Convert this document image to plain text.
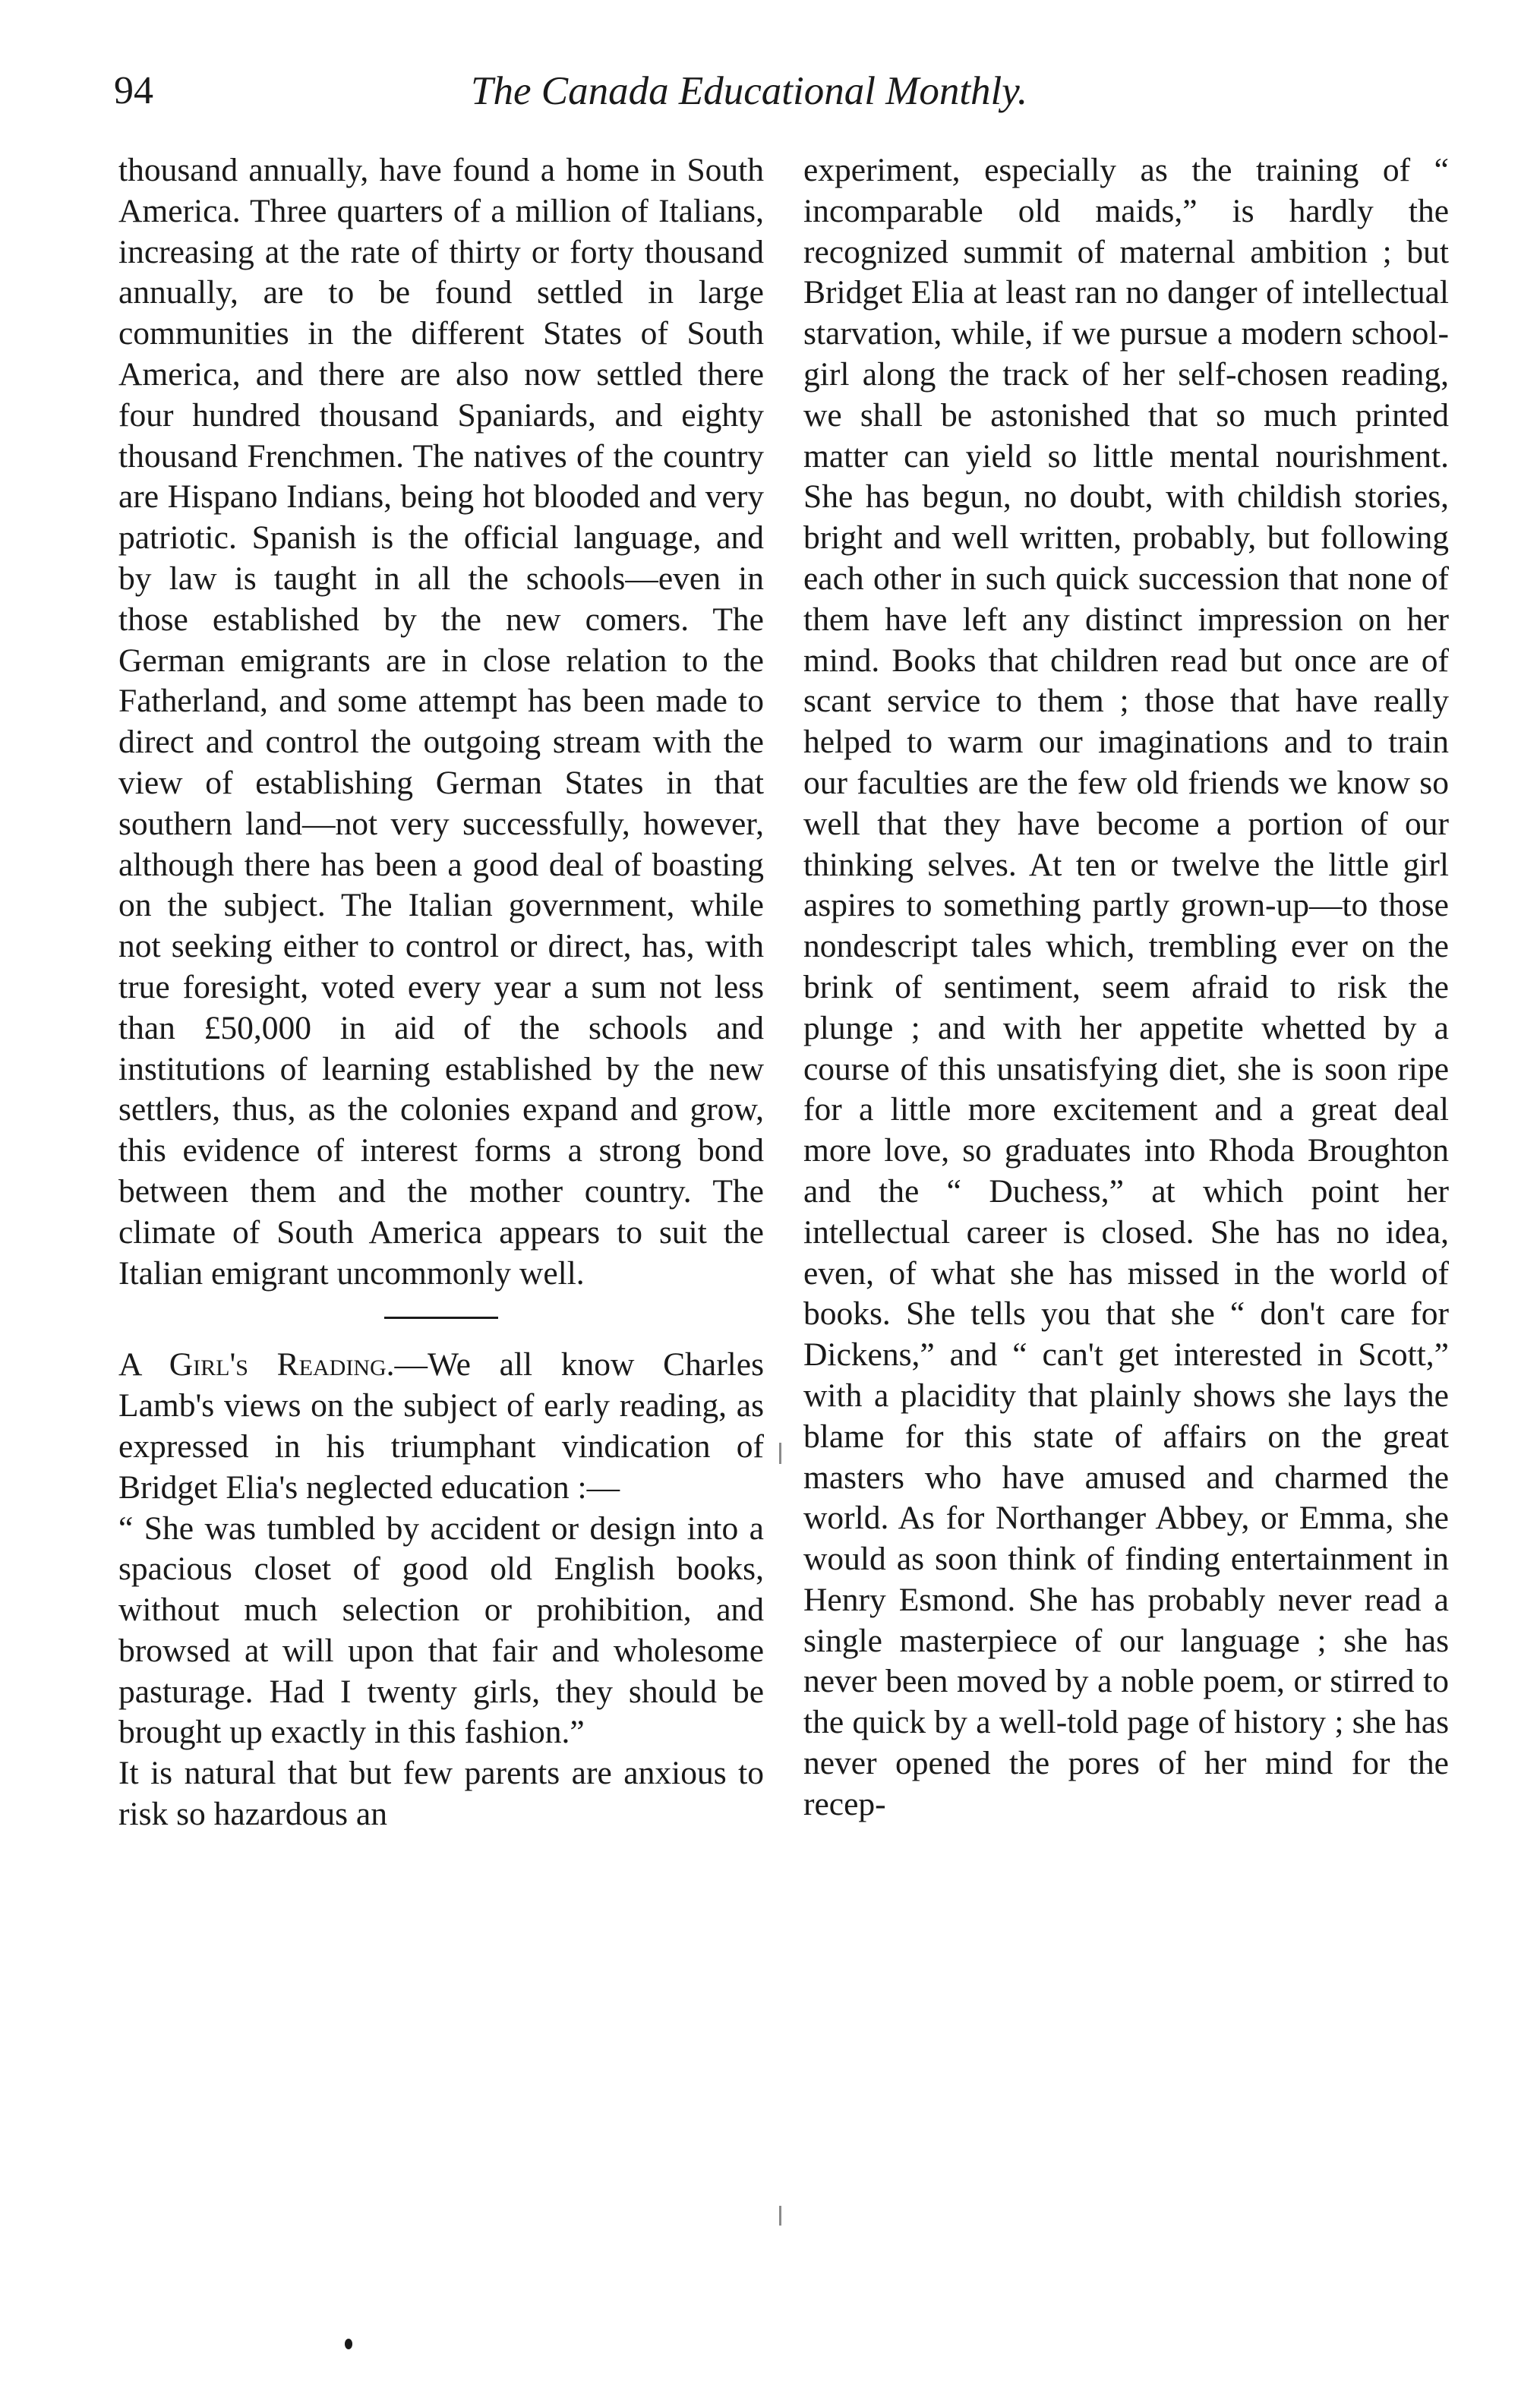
94	The Canada Educational Monthly.

thousand annually, have found a home in South America. Three quarters of a million of Italians, increasing at the rate of thirty or forty thousand annually, are to be found settled in large communities in the different States of South America, and there are also now settled there four hundred thousand Spaniards, and eighty thousand Frenchmen. The natives of the country are Hispano Indians, being hot blooded and very patriotic. Spanish is the official language, and by law is taught in all the schools—even in those established by the new comers. The German emigrants are in close relation to the Fatherland, and some attempt has been made to direct and control the outgoing stream with the view of establishing German States in that southern land—not very successfully, however, although there has been a good deal of boasting on the subject. The Italian government, while not seeking either to control or direct, has, with true foresight, voted every year a sum not less than £50,000 in aid of the schools and institutions of learning established by the new settlers, thus, as the colonies expand and grow, this evidence of interest forms a strong bond between them and the mother country. The climate of South America appears to suit the Italian emigrant uncommonly well.

A Girl's Reading.—We all know Charles Lamb's views on the subject of early reading, as expressed in his triumphant vindication of Bridget Elia's neglected education :—

“ She was tumbled by accident or design into a spacious closet of good old English books, without much selection or prohibition, and browsed at will upon that fair and wholesome pasturage. Had I twenty girls, they should be brought up exactly in this fashion.”

It is natural that but few parents are anxious to risk so hazardous an

experiment, especially as the training of “ incomparable old maids,” is hardly the recognized summit of maternal ambition ; but Bridget Elia at least ran no danger of intellectual starvation, while, if we pursue a modern school-girl along the track of her self-chosen reading, we shall be astonished that so much printed matter can yield so little mental nourishment. She has begun, no doubt, with childish stories, bright and well written, probably, but following each other in such quick succession that none of them have left any distinct impression on her mind. Books that children read but once are of scant service to them ; those that have really helped to warm our imaginations and to train our faculties are the few old friends we know so well that they have become a portion of our thinking selves. At ten or twelve the little girl aspires to something partly grown-up—to those nondescript tales which, trembling ever on the brink of sentiment, seem afraid to risk the plunge ; and with her appetite whetted by a course of this unsatisfying diet, she is soon ripe for a little more excitement and a great deal more love, so graduates into Rhoda Broughton and the “ Duchess,” at which point her intellectual career is closed. She has no idea, even, of what she has missed in the world of books. She tells you that she “ don't care for Dickens,” and “ can't get interested in Scott,” with a placidity that plainly shows she lays the blame for this state of affairs on the great masters who have amused and charmed the world. As for Northanger Abbey, or Emma, she would as soon think of finding entertainment in Henry Esmond. She has probably never read a single masterpiece of our language ; she has never been moved by a noble poem, or stirred to the quick by a well-told page of history ; she has never opened the pores of her mind for the recep-
